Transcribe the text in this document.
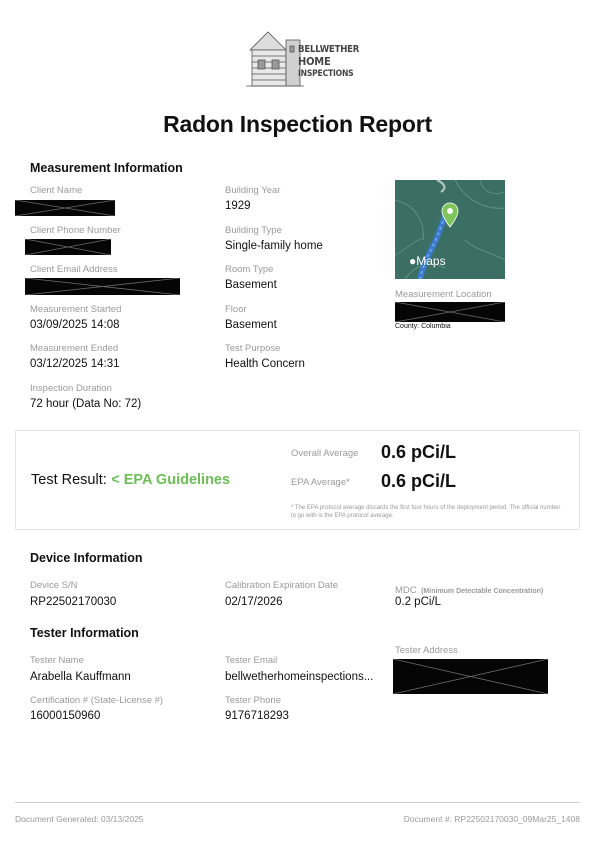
BELLWETHER
HOME
INSPECTIONS
Radon Inspection Report
Measurement Information
Client Name
Client Phone Number
Client Email Address
Measurement Started
03/09/2025 14:08
Measurement Ended
03/12/2025 14:31
Inspection Duration
72 hour (Data No: 72)
Building Year
1929
Building Type
Single-family home
Room Type
Basement
Floor
Basement
Test Purpose
Health Concern
●Maps
Measurement Location
County: Columbia
Test Result: < EPA Guidelines
Overall Average 0.6 pCi/L
EPA Average* 0.6 pCi/L
* The EPA protocol average discards the first four hours of the deployment period. The official number to go with is the EPA protocol average.
Device Information
Device S/N
RP22502170030
Calibration Expiration Date
02/17/2026
MDC (Minimum Detectable Concentration)
0.2 pCi/L
Tester Information
Tester Name
Arabella Kauffmann
Tester Email
bellwetherhomeinspections...
Tester Address
Certification # (State-License #)
16000150960
Tester Phone
9176718293
Document Generated: 03/13/2025	Document #: RP22502170030_09Mar25_1408
